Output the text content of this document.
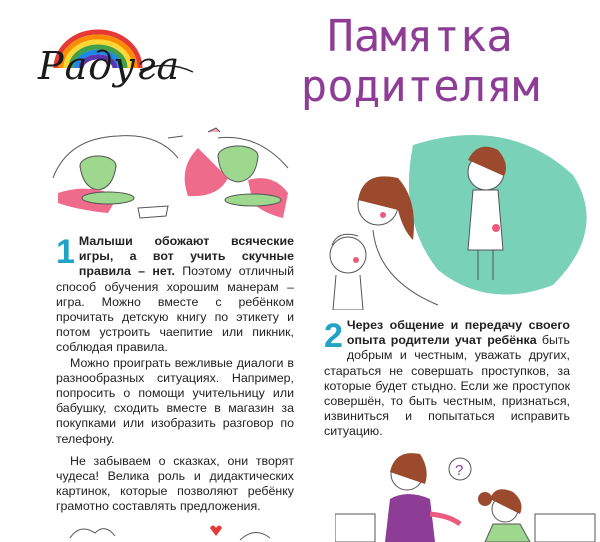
Радуга
Памятка
родителям

1 Малыши обожают всяческие игры, а вот учить скучные правила – нет. Поэтому отличный способ обучения хорошим манерам – игра. Можно вместе с ребёнком прочитать детскую книгу по этикету и потом устроить чаепитие или пикник, соблюдая правила.

Можно проиграть вежливые диалоги в разнообразных ситуациях. Например, попросить о помощи учительницу или бабушку, сходить вместе в магазин за покупками или изобразить разговор по телефону.

Не забываем о сказках, они творят чудеса! Велика роль и дидактических картинок, которые позволяют ребёнку грамотно составлять предложения.

2 Через общение и передачу своего опыта родители учат ребёнка быть добрым и честным, уважать других, стараться не совершать проступков, за которые будет стыдно. Если же проступок совершён, то быть честным, признаться, извиниться и попытаться исправить ситуацию.

?
